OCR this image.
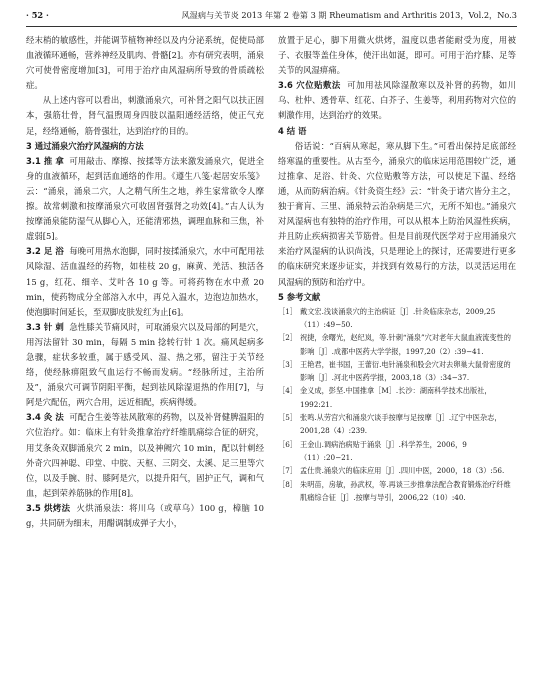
· 52 ·	风湿病与关节炎 2013 年第 2 卷第 3 期 Rheumatism and Arthritis 2013，Vol.2，No.3

经末梢的敏感性，并能调节植物神经以及内分泌系统，促使局部血液循环通畅，营养神经及肌肉、骨骼[2]。亦有研究表明，涌泉穴可使骨密度增加[3]，可用于治疗由风湿病所导致的骨质疏松症。

从上述内容可以看出，刺激涌泉穴，可补肾之阳气以扶正固本，强筋壮骨，肾气温煦周身四肢以温阳通经活络，使正气充足，经络通畅，筋骨强壮，达到治疗的目的。

3 通过涌泉穴治疗风湿病的方法

3.1 推 拿 可用敲击、摩擦、按揉等方法来激发涌泉穴，促进全身的血液循环，起到活血通络的作用。《遵生八笺·起居安乐笺》云：“涌泉，涌泉二穴，人之精气所生之地，养生家常欲令人摩擦。故常刺激和按摩涌泉穴可收固肾强肾之功效[4]。”古人认为按摩涌泉能防湿气从脚心入，还能清邪热，调理血脉和三焦，补虚弱[5]。

3.2 足 浴 每晚可用热水泡脚，同时按揉涌泉穴，水中可配用祛风除湿、活血温经的药物，如桂枝 20 g，麻黄、羌活、独活各 15 g，红花、细辛、艾叶各 10 g 等。可将药物在水中煮 20 min，使药物成分全部溶入水中，再兑入温水，边泡边加热水，使泡脚时间延长，至双脚皮肤发红为止[6]。

3.3 针 刺 急性膝关节痛风时，可取涌泉穴以及局部的阿是穴，用泻法留针 30 min，每隔 5 min 捻转行针 1 次。痛风起病多急骤，症状多较重，属于感受风、湿、热之邪，留注于关节经络，使经脉痹阻致气血运行不畅而发病。“经脉所过，主治所及”，涌泉穴可调节阴阳平衡，起到祛风除湿退热的作用[7]，与阿是穴配伍，两穴合用，远近相配，疾病得缓。

3.4 灸 法 可配合生姜等祛风散寒的药物，以及补肾健脾温阳的穴位治疗。如：临床上有针灸推拿治疗纤维肌痛综合征的研究，用艾条灸双脚涌泉穴 2 min，以及神阙穴 10 min，配以针刺经外奇穴四神聪、印堂、中脘、天枢、三阴交、太溪、足三里等穴位，以及手腕、肘、膝阿是穴，以提升阳气，固护正气，调和气血，起到荣养筋脉的作用[8]。

3.5 烘烤法 火烘涌泉法：将川乌（或草乌）100 g，樟脑 10 g，共同研为细末，用醋调制成弹子大小，

放置于足心，脚下用微火烘烤，温度以患者能耐受为度，用被子、衣服等盖住身体，使汗出如涎，即可。可用于治疗膝、足等关节的风湿痹痛。

3.6 穴位贴敷法 可加用祛风除湿散寒以及补肾的药物，如川乌、杜仲、透骨草、红花、白芥子、生姜等，利用药物对穴位的刺激作用，达到治疗的效果。

4 结 语

俗话说：“百病从寒起，寒从脚下生。”可看出保持足底部经络寒温的重要性。从古至今，涌泉穴的临床运用范围较广泛，通过推拿、足浴、针灸、穴位贴敷等方法，可以使足下温、经络通，从而防病治病。《针灸资生经》云：“针灸于诸穴皆分主之，独于膏肓、三里、涌泉特云治杂病是三穴，无所不知也。”涌泉穴对风湿病也有独特的治疗作用，可以从根本上防治风湿性疾病，并且防止疾病损害关节筋骨。但是目前现代医学对于应用涌泉穴来治疗风湿病的认识尚浅，只是理论上的探讨，还需要进行更多的临床研究来逐步证实，并找到有效易行的方法，以灵活运用在风湿病的预防和治疗中。

5 参考文献

［1］ 戴文宏.浅谈涌泉穴的主治病证［J］.针灸临床杂志，2009,25（11）:49−50.
［2］ 祝捷，余曙光，赵纪岚，等.针刺“涌泉”穴对老年大鼠血液流变性的影响［J］.成都中医药大学学报，1997,20（2）:39−41.
［3］ 王艳君，崔书国，王蕾衍.电针涌泉和股会穴对去卵巢大鼠骨密度的影响［J］.河北中医药学报，2003,18（3）:34−37.
［4］ 金义成，彭坚.中国推拿［M］.长沙：湖南科学技术出版社，1992:21.
［5］ 张鸣.从劳宫穴和涌泉穴谈手按摩与足按摩［J］.辽宁中医杂志，2001,28（4）:239.
［6］ 王金山.调病治病贴于涌泉［J］.科学养生，2006，9（11）:20−21.
［7］ 孟仕贵.涌泉穴的临床应用［J］.四川中医，2000，18（3）:56.
［8］ 朱明苗，房敏，孙武权，等.再谈三步推拿法配合教育锻炼治疗纤维肌痛综合征［J］.按摩与导引，2006,22（10）:40.
